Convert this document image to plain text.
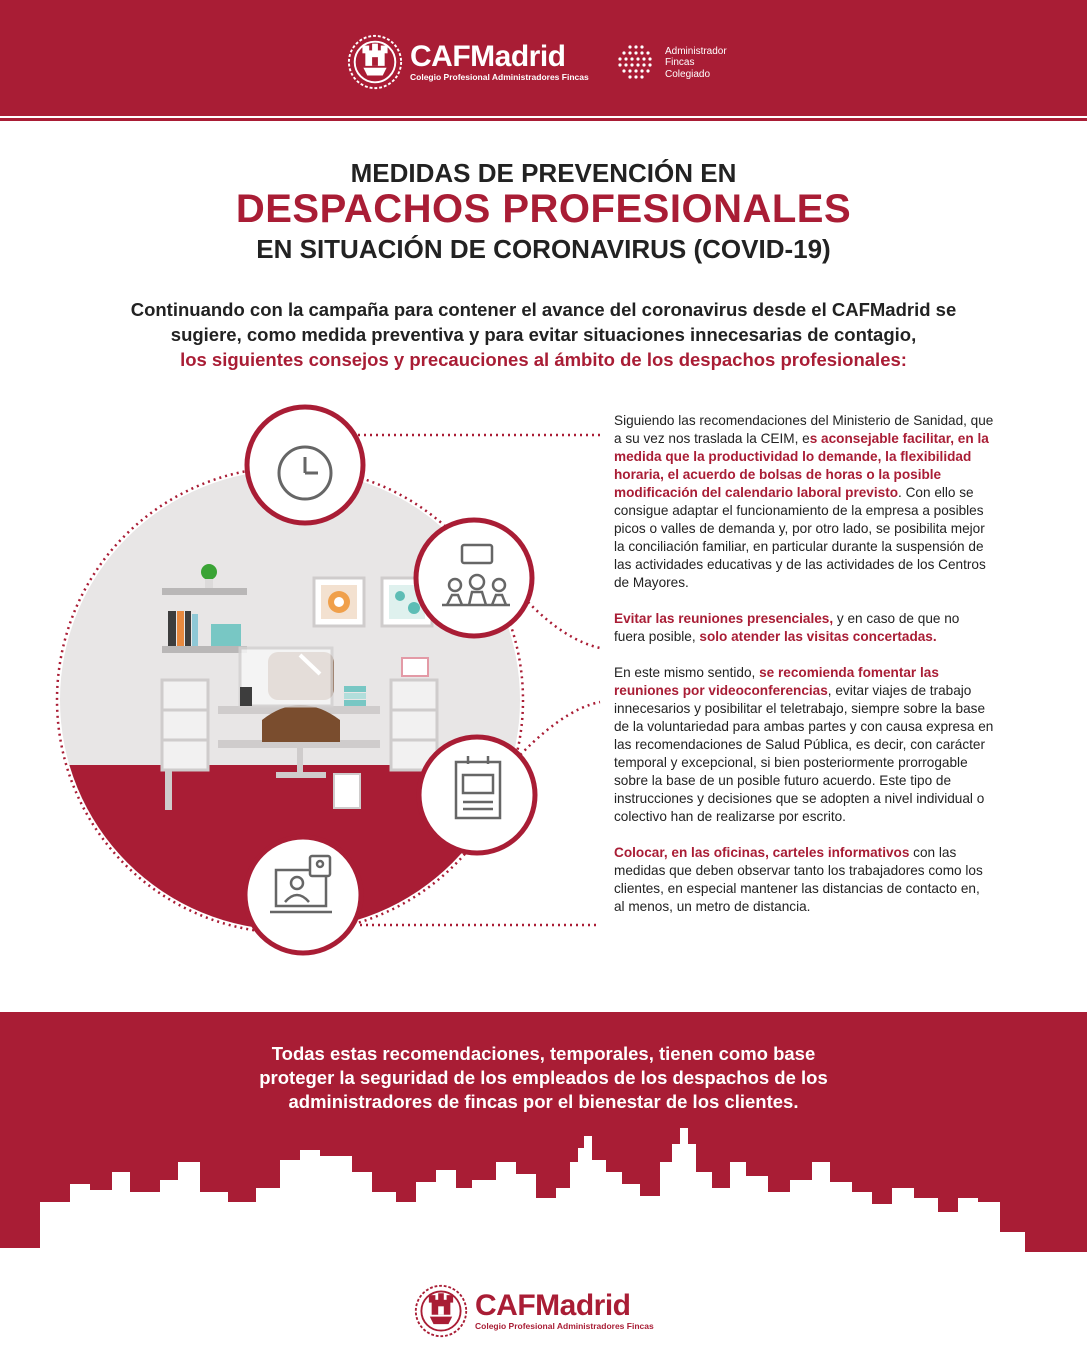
CAFMadrid
Colegio Profesional Administradores Fincas
Administrador
Fincas
Colegiado
MEDIDAS DE PREVENCIÓN EN
DESPACHOS PROFESIONALES
EN SITUACIÓN DE CORONAVIRUS (COVID-19)
Continuando con la campaña para contener el avance del coronavirus desde el CAFMadrid se
sugiere, como medida preventiva y para evitar situaciones innecesarias de contagio,
los siguientes consejos y precauciones al ámbito de los despachos profesionales:

Siguiendo las recomendaciones del Ministerio de Sanidad, que a su vez nos traslada la CEIM, es aconsejable facilitar, en la medida que la productividad lo demande, la flexibilidad horaria, el acuerdo de bolsas de horas o la posible modificación del calendario laboral previsto. Con ello se consigue adaptar el funcionamiento de la empresa a posibles picos o valles de demanda y, por otro lado, se posibilita mejor la conciliación familiar, en particular durante la suspensión de las actividades educativas y de las actividades de los Centros de Mayores.

Evitar las reuniones presenciales, y en caso de que no fuera posible, solo atender las visitas concertadas.

En este mismo sentido, se recomienda fomentar las reuniones por videoconferencias, evitar viajes de trabajo innecesarios y posibilitar el teletrabajo, siempre sobre la base de la voluntariedad para ambas partes y con causa expresa en las recomendaciones de Salud Pública, es decir, con carácter temporal y excepcional, si bien posteriormente prorrogable sobre la base de un posible futuro acuerdo. Este tipo de instrucciones y decisiones que se adopten a nivel individual o colectivo han de realizarse por escrito.

Colocar, en las oficinas, carteles informativos con las medidas que deben observar tanto los trabajadores como los clientes, en especial mantener las distancias de contacto en, al menos, un metro de distancia.

Todas estas recomendaciones, temporales, tienen como base
proteger la seguridad de los empleados de los despachos de los
administradores de fincas por el bienestar de los clientes.
CAFMadrid
Colegio Profesional Administradores Fincas
